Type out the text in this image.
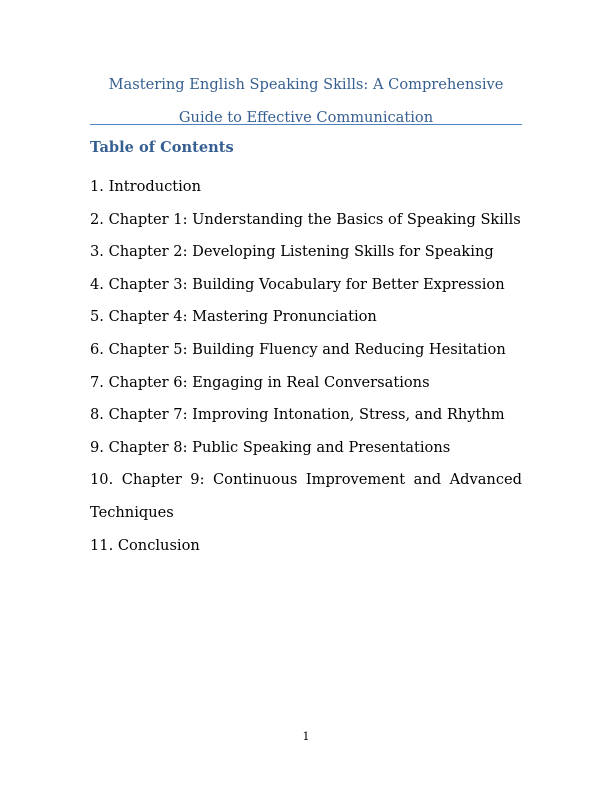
Mastering English Speaking Skills: A Comprehensive
Guide to Effective Communication
Table of Contents
1. Introduction
2. Chapter 1: Understanding the Basics of Speaking Skills
3. Chapter 2: Developing Listening Skills for Speaking
4. Chapter 3: Building Vocabulary for Better Expression
5. Chapter 4: Mastering Pronunciation
6. Chapter 5: Building Fluency and Reducing Hesitation
7. Chapter 6: Engaging in Real Conversations
8. Chapter 7: Improving Intonation, Stress, and Rhythm
9. Chapter 8: Public Speaking and Presentations
10. Chapter 9: Continuous Improvement and Advanced Techniques
11. Conclusion
1
